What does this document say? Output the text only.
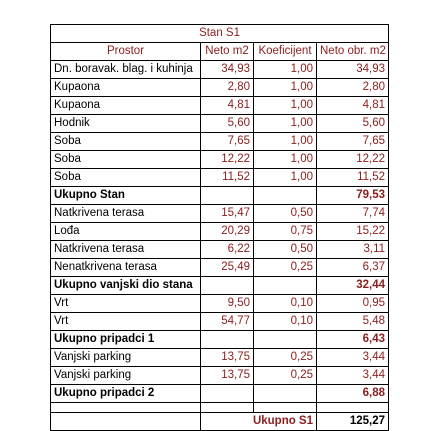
Stan S1			
Prostor	Neto m2	Koeficijent	Neto obr. m2
Dn. boravak. blag. i kuhinja	34,93	1,00	34,93
Kupaona	2,80	1,00	2,80
Kupaona	4,81	1,00	4,81
Hodnik	5,60	1,00	5,60
Soba	7,65	1,00	7,65
Soba	12,22	1,00	12,22
Soba	11,52	1,00	11,52
Ukupno Stan			79,53
Natkrivena terasa	15,47	0,50	7,74
Lođa	20,29	0,75	15,22
Natkrivena terasa	6,22	0,50	3,11
Nenatkrivena terasa	25,49	0,25	6,37
Ukupno vanjski dio stana			32,44
Vrt	9,50	0,10	0,95
Vrt	54,77	0,10	5,48
Ukupno pripadci 1			6,43
Vanjski parking	13,75	0,25	3,44
Vanjski parking	13,75	0,25	3,44
Ukupno pripadci 2			6,88

	Ukupno S1		125,27
